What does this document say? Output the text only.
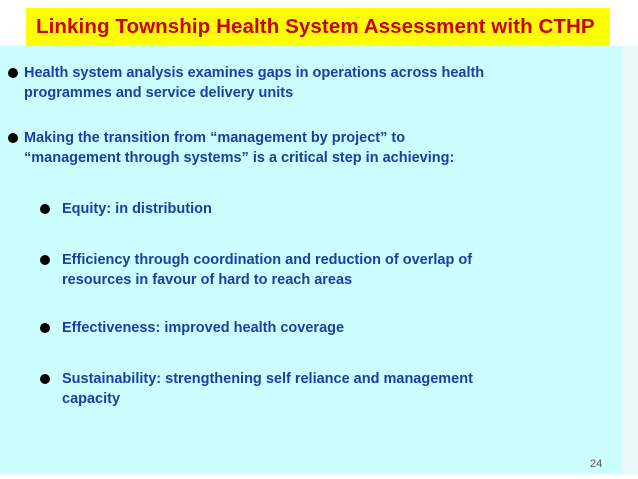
Linking Township Health System Assessment with CTHP
Health system analysis examines gaps in operations across health
programmes and service delivery units
Making the transition from “management by project” to
“management through systems” is a critical step in achieving:
Equity: in distribution
Efficiency through coordination and reduction of overlap of
resources in favour of hard to reach areas
Effectiveness: improved health coverage
Sustainability: strengthening self reliance and management
capacity
24
